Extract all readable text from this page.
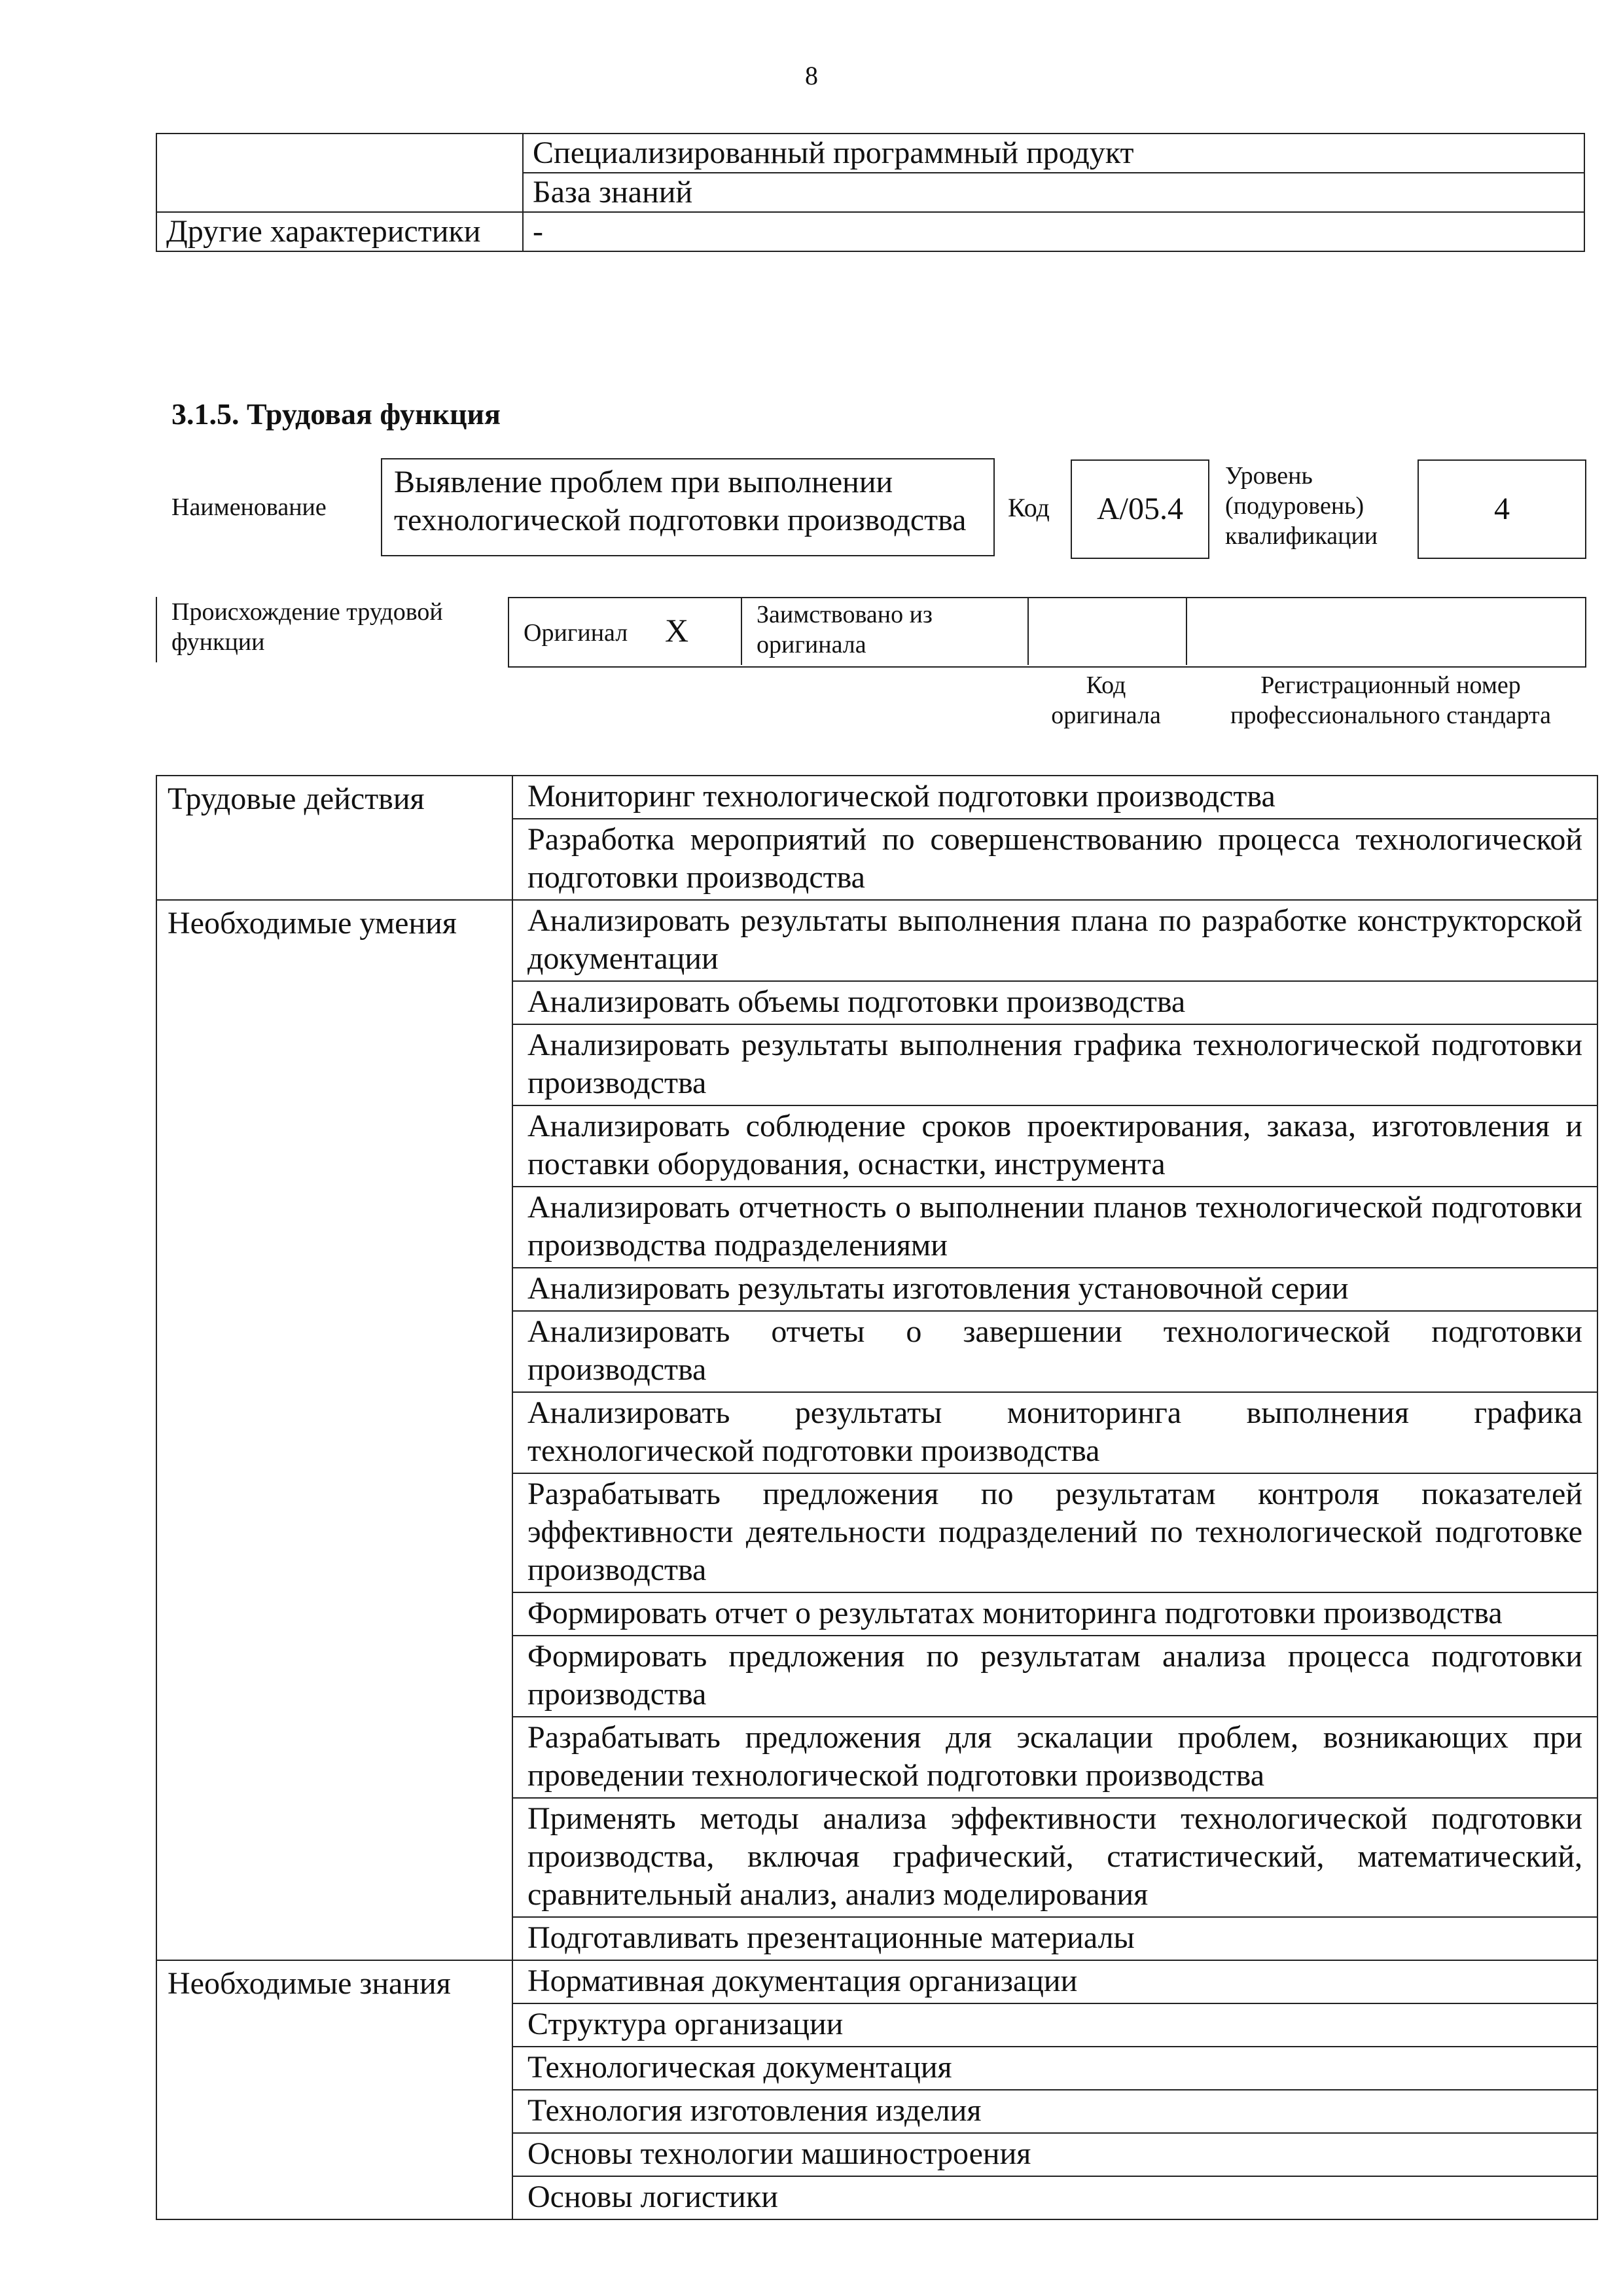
8
	Специализированный программный продукт
	База знаний
Другие характеристики	-
3.1.5. Трудовая функция
Наименование
Выявление проблем при выполнении технологической подготовки производства	Код	A/05.4
Уровень (подуровень) квалификации
4
Происхождение трудовой функции	Оригинал X	Заимствовано из оригинала
Код оригинала
Регистрационный номер профессионального стандарта
Трудовые действия	Мониторинг технологической подготовки производства
	Разработка мероприятий по совершенствованию процесса технологической подготовки производства
Необходимые умения	Анализировать результаты выполнения плана по разработке конструкторской документации
	Анализировать объемы подготовки производства
	Анализировать результаты выполнения графика технологической подготовки производства
	Анализировать соблюдение сроков проектирования, заказа, изготовления и поставки оборудования, оснастки, инструмента
	Анализировать отчетность о выполнении планов технологической подготовки производства подразделениями
	Анализировать результаты изготовления установочной серии
	Анализировать отчеты о завершении технологической подготовки производства
	Анализировать результаты мониторинга выполнения графика технологической подготовки производства
	Разрабатывать предложения по результатам контроля показателей эффективности деятельности подразделений по технологической подготовке производства
	Формировать отчет о результатах мониторинга подготовки производства
	Формировать предложения по результатам анализа процесса подготовки производства
	Разрабатывать предложения для эскалации проблем, возникающих при проведении технологической подготовки производства
	Применять методы анализа эффективности технологической подготовки производства, включая графический, статистический, математический, сравнительный анализ, анализ моделирования
	Подготавливать презентационные материалы
Необходимые знания	Нормативная документация организации
	Структура организации
	Технологическая документация
	Технология изготовления изделия
	Основы технологии машиностроения
	Основы логистики
